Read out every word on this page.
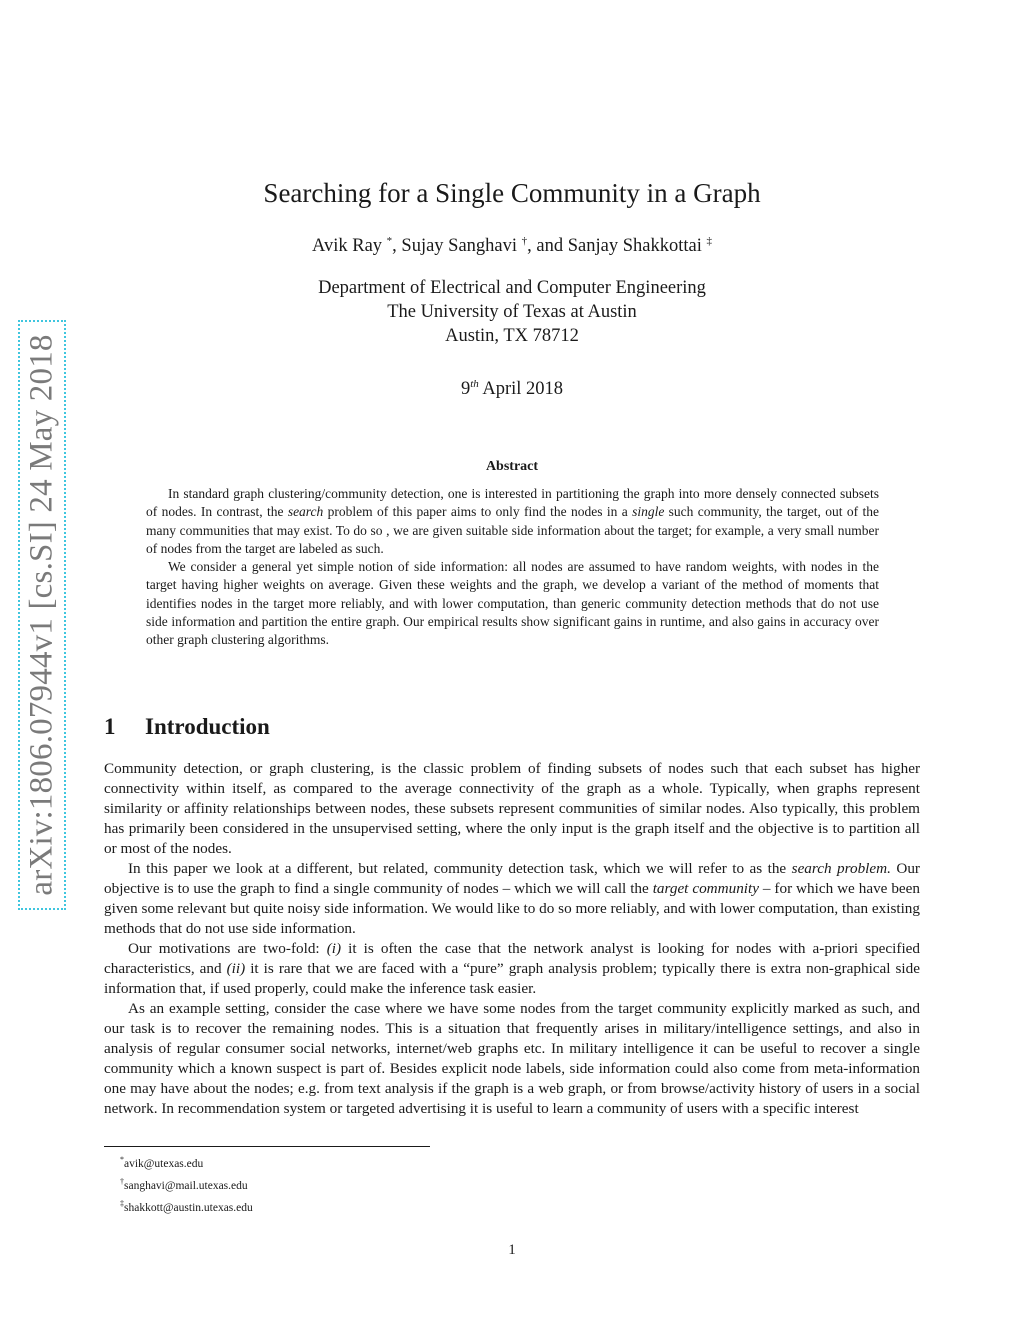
arXiv:1806.07944v1 [cs.SI] 24 May 2018
Searching for a Single Community in a Graph
Avik Ray *, Sujay Sanghavi †, and Sanjay Shakkottai ‡
Department of Electrical and Computer Engineering
The University of Texas at Austin
Austin, TX 78712
9th April 2018
Abstract

In standard graph clustering/community detection, one is interested in partitioning the graph into more densely connected subsets of nodes. In contrast, the search problem of this paper aims to only find the nodes in a single such community, the target, out of the many communities that may exist. To do so , we are given suitable side information about the target; for example, a very small number of nodes from the target are labeled as such.

We consider a general yet simple notion of side information: all nodes are assumed to have random weights, with nodes in the target having higher weights on average. Given these weights and the graph, we develop a variant of the method of moments that identifies nodes in the target more reliably, and with lower computation, than generic community detection methods that do not use side information and partition the entire graph. Our empirical results show significant gains in runtime, and also gains in accuracy over other graph clustering algorithms.

1 Introduction

Community detection, or graph clustering, is the classic problem of finding subsets of nodes such that each subset has higher connectivity within itself, as compared to the average connectivity of the graph as a whole. Typically, when graphs represent similarity or affinity relationships between nodes, these subsets represent communities of similar nodes. Also typically, this problem has primarily been considered in the unsupervised setting, where the only input is the graph itself and the objective is to partition all or most of the nodes.

In this paper we look at a different, but related, community detection task, which we will refer to as the search problem. Our objective is to use the graph to find a single community of nodes – which we will call the target community – for which we have been given some relevant but quite noisy side information. We would like to do so more reliably, and with lower computation, than existing methods that do not use side information.

Our motivations are two-fold: (i) it is often the case that the network analyst is looking for nodes with a-priori specified characteristics, and (ii) it is rare that we are faced with a “pure” graph analysis problem; typically there is extra non-graphical side information that, if used properly, could make the inference task easier.

As an example setting, consider the case where we have some nodes from the target community explicitly marked as such, and our task is to recover the remaining nodes. This is a situation that frequently arises in military/intelligence settings, and also in analysis of regular consumer social networks, internet/web graphs etc. In military intelligence it can be useful to recover a single community which a known suspect is part of. Besides explicit node labels, side information could also come from meta-information one may have about the nodes; e.g. from text analysis if the graph is a web graph, or from browse/activity history of users in a social network. In recommendation system or targeted advertising it is useful to learn a community of users with a specific interest

*avik@utexas.edu
†sanghavi@mail.utexas.edu
‡shakkott@austin.utexas.edu
1
